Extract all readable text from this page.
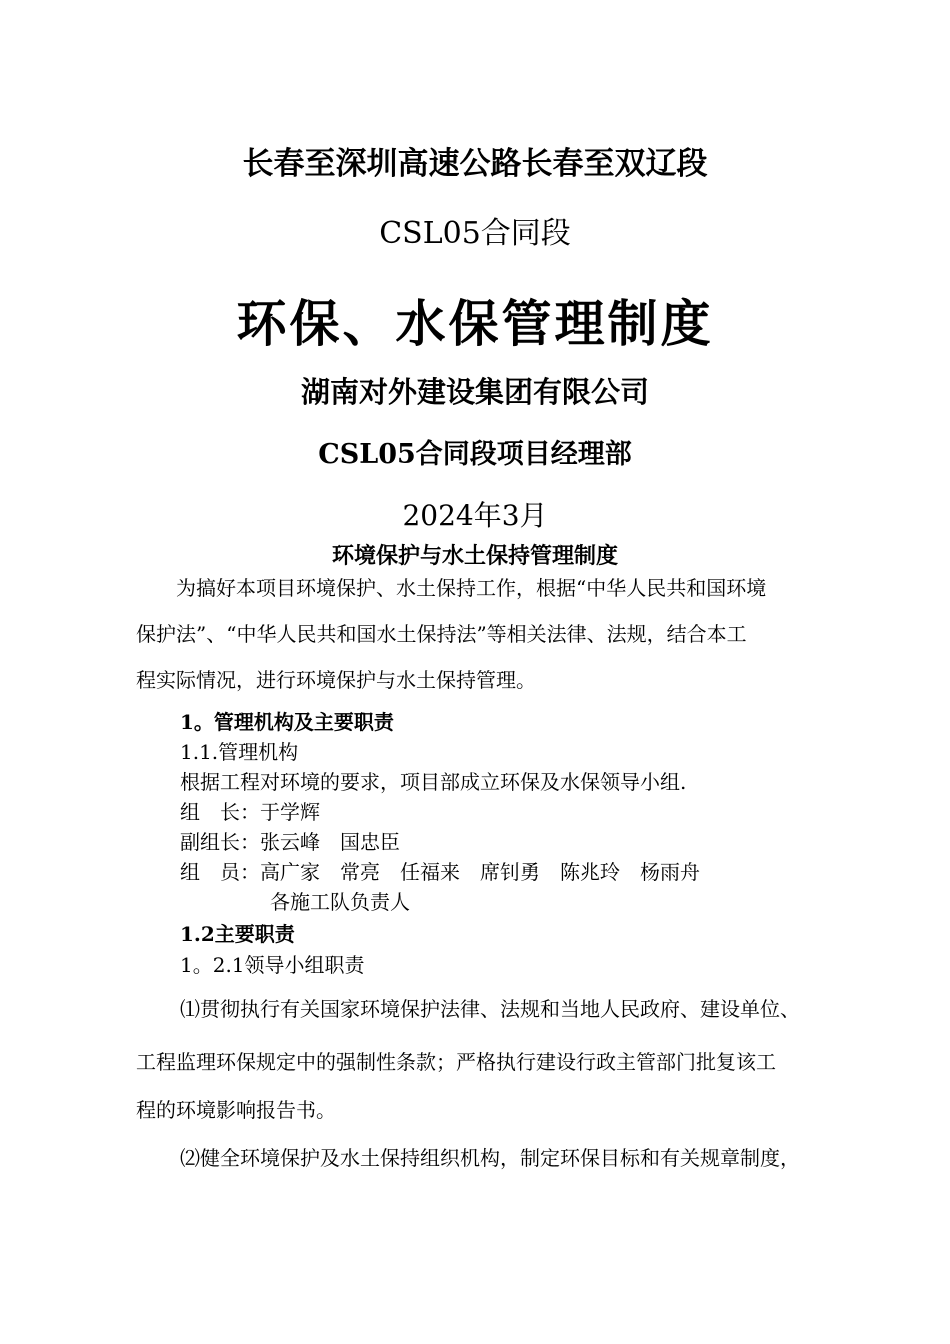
长春至深圳高速公路长春至双辽段
CSL05合同段
环保、水保管理制度
湖南对外建设集团有限公司
CSL05合同段项目经理部
2024年3月
环境保护与水土保持管理制度
为搞好本项目环境保护、水土保持工作，根据“中华人民共和国环境
保护法”、“中华人民共和国水土保持法”等相关法律、法规，结合本工
程实际情况，进行环境保护与水土保持管理。
1。管理机构及主要职责
1.1.管理机构
根据工程对环境的要求，项目部成立环保及水保领导小组.
组　长：于学辉
副组长：张云峰　国忠臣
组　员：高广家　常亮　任福来　席钊勇　陈兆玲　杨雨舟
各施工队负责人
1.2主要职责
1。2.1领导小组职责
⑴贯彻执行有关国家环境保护法律、法规和当地人民政府、建设单位、
工程监理环保规定中的强制性条款；严格执行建设行政主管部门批复该工
程的环境影响报告书。
⑵健全环境保护及水土保持组织机构，制定环保目标和有关规章制度，
